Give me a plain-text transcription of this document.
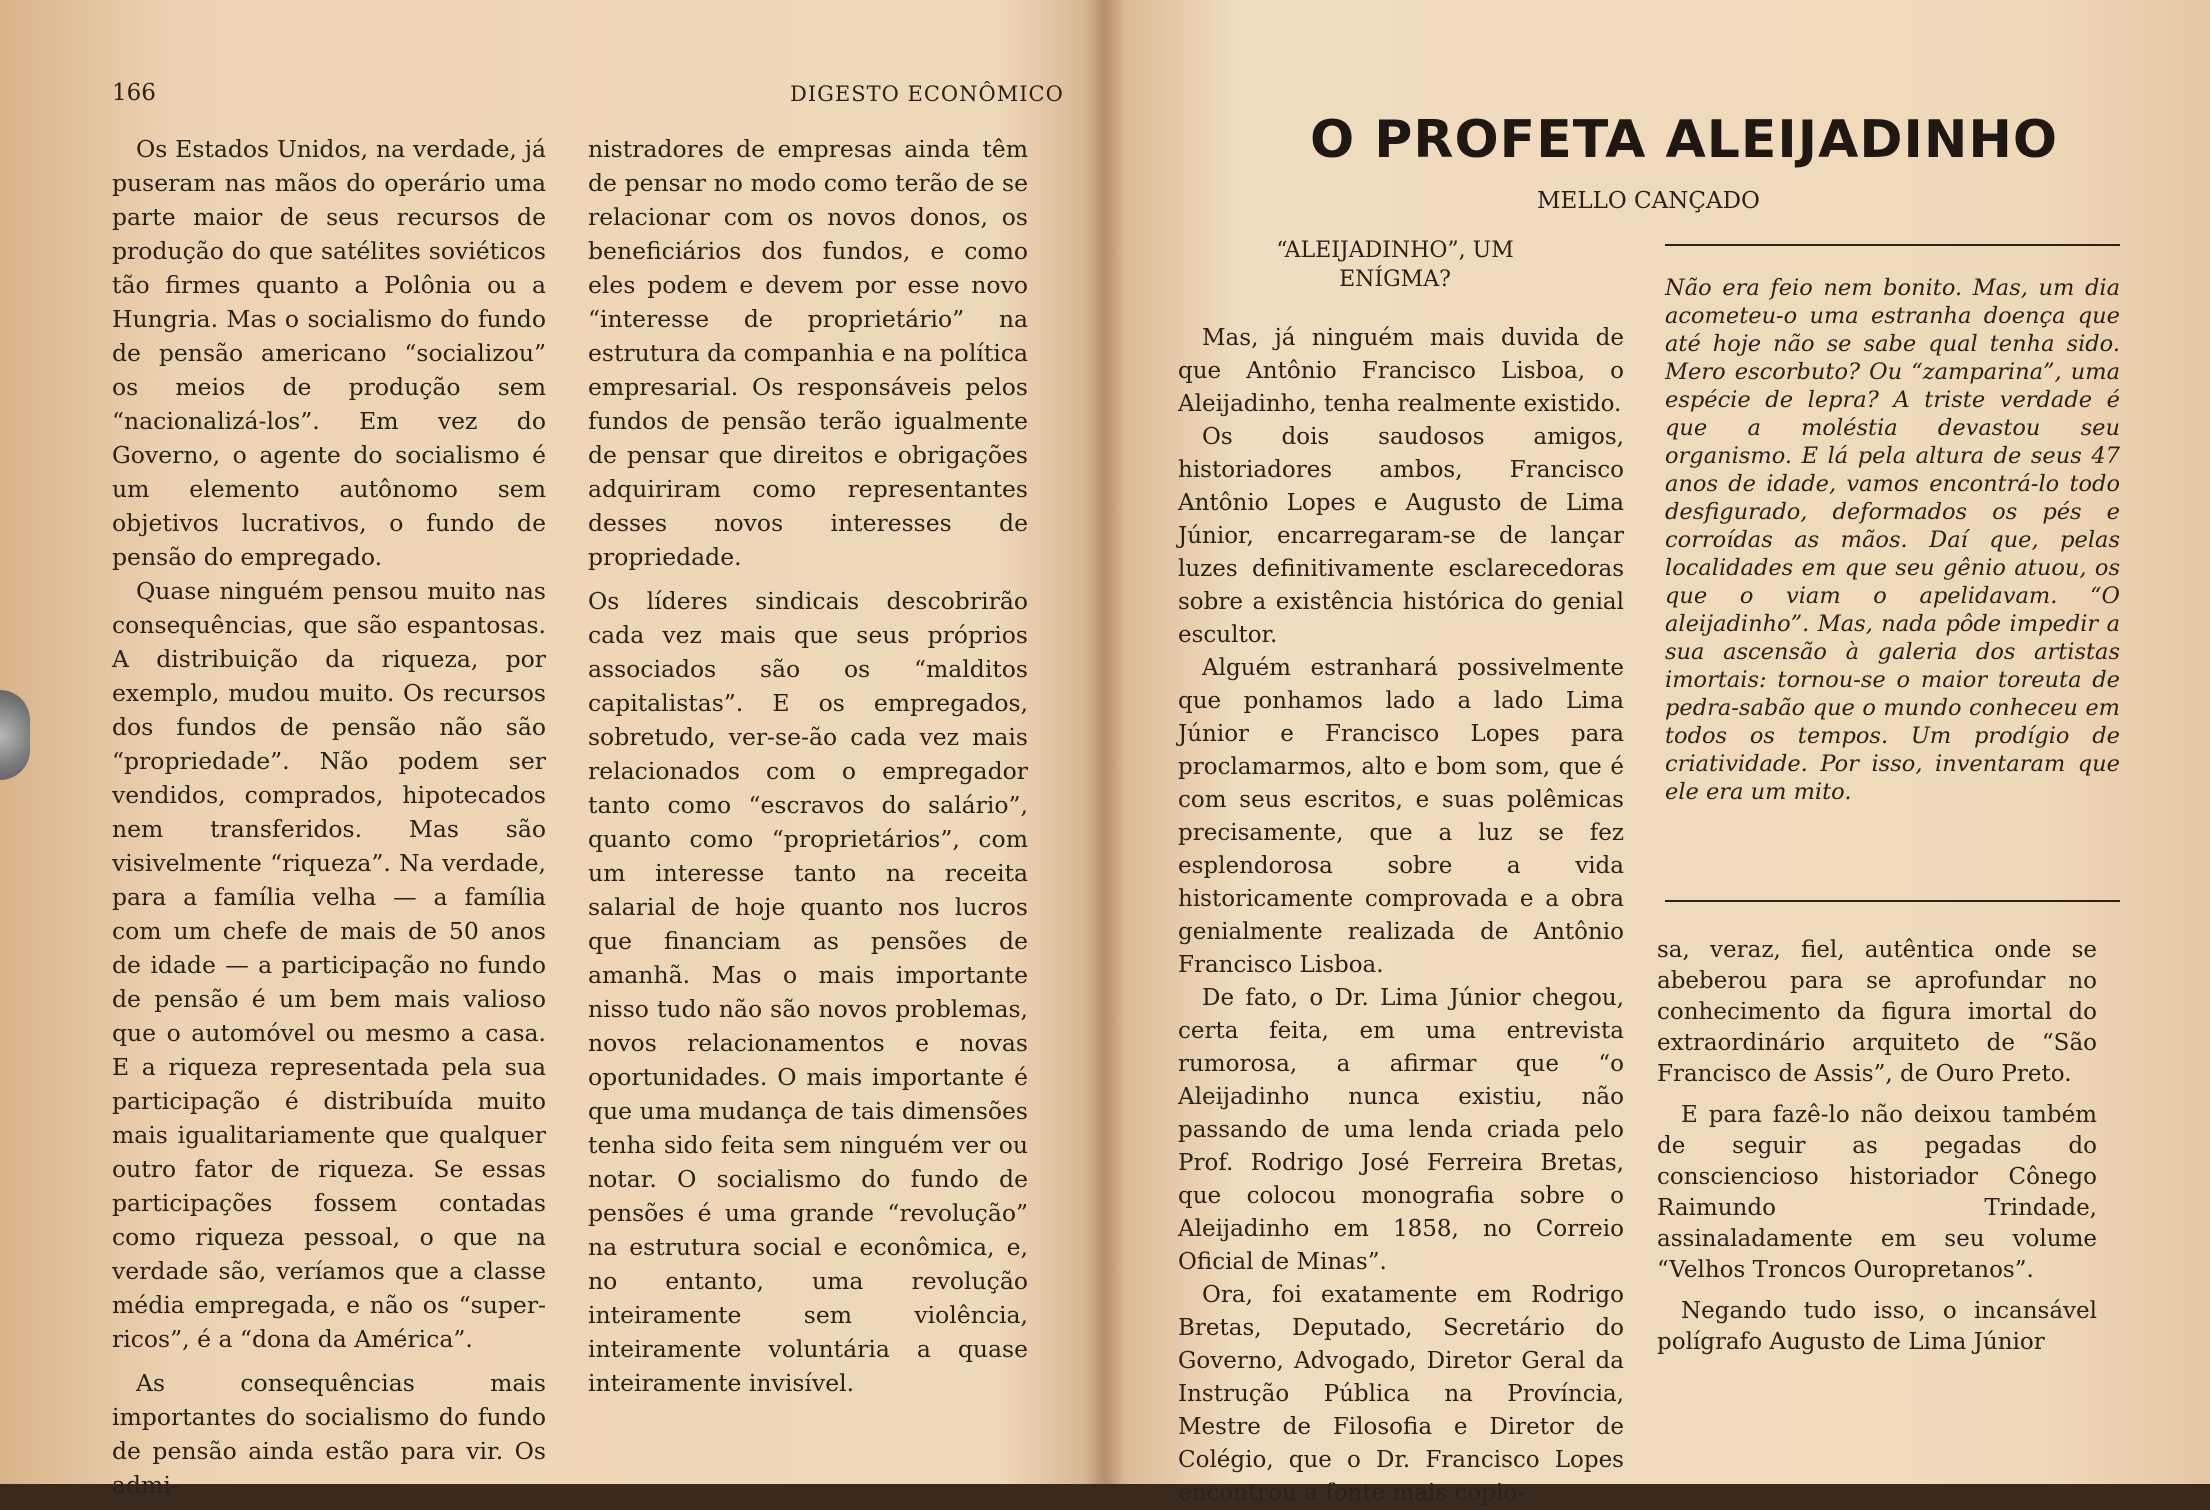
166	DIGESTO ECONÔMICO

Os Estados Unidos, na verdade, já puseram nas mãos do operário uma parte maior de seus recursos de produção do que satélites soviéticos tão firmes quanto a Polônia ou a Hungria. Mas o socialismo do fundo de pensão americano “socializou” os meios de produção sem “nacionalizá-los”. Em vez do Governo, o agente do socialismo é um elemento autônomo sem objetivos lucrativos, o fundo de pensão do empregado.

Quase ninguém pensou muito nas consequências, que são espantosas. A distribuição da riqueza, por exemplo, mudou muito. Os recursos dos fundos de pensão não são “propriedade”. Não podem ser vendidos, comprados, hipotecados nem transferidos. Mas são visivelmente “riqueza”. Na verdade, para a família velha — a família com um chefe de mais de 50 anos de idade — a participação no fundo de pensão é um bem mais valioso que o automóvel ou mesmo a casa. E a riqueza representada pela sua participação é distribuída muito mais igualitariamente que qualquer outro fator de riqueza. Se essas participações fossem contadas como riqueza pessoal, o que na verdade são, veríamos que a classe média empregada, e não os “super-ricos”, é a “dona da América”.

As consequências mais importantes do socialismo do fundo de pensão ainda estão para vir. Os admi-

nistradores de empresas ainda têm de pensar no modo como terão de se relacionar com os novos donos, os beneficiários dos fundos, e como eles podem e devem por esse novo “interesse de proprietário” na estrutura da companhia e na política empresarial. Os responsáveis pelos fundos de pensão terão igualmente de pensar que direitos e obrigações adquiriram como representantes desses novos interesses de propriedade.

Os líderes sindicais descobrirão cada vez mais que seus próprios associados são os “malditos capitalistas”. E os empregados, sobretudo, ver-se-ão cada vez mais relacionados com o empregador tanto como “escravos do salário”, quanto como “proprietários”, com um interesse tanto na receita salarial de hoje quanto nos lucros que financiam as pensões de amanhã. Mas o mais importante nisso tudo não são novos problemas, novos relacionamentos e novas oportunidades. O mais importante é que uma mudança de tais dimensões tenha sido feita sem ninguém ver ou notar. O socialismo do fundo de pensões é uma grande “revolução” na estrutura social e econômica, e, no entanto, uma revolução inteiramente sem violência, inteiramente voluntária a quase inteiramente invisível.

O PROFETA ALEIJADINHO
MELLO CANÇADO
“ALEIJADINHO”, UM ENÍGMA?

Mas, já ninguém mais duvida de que Antônio Francisco Lisboa, o Aleijadinho, tenha realmente existido.

Os dois saudosos amigos, historiadores ambos, Francisco Antônio Lopes e Augusto de Lima Júnior, encarregaram-se de lançar luzes definitivamente esclarecedoras sobre a existência histórica do genial escultor.

Alguém estranhará possivelmente que ponhamos lado a lado Lima Júnior e Francisco Lopes para proclamarmos, alto e bom som, que é com seus escritos, e suas polêmicas precisamente, que a luz se fez esplendorosa sobre a vida historicamente comprovada e a obra genialmente realizada de Antônio Francisco Lisboa.

De fato, o Dr. Lima Júnior chegou, certa feita, em uma entrevista rumorosa, a afirmar que “o Aleijadinho nunca existiu, não passando de uma lenda criada pelo Prof. Rodrigo José Ferreira Bretas, que colocou monografia sobre o Aleijadinho em 1858, no Correio Oficial de Minas”.

Ora, foi exatamente em Rodrigo Bretas, Deputado, Secretário do Governo, Advogado, Diretor Geral da Instrução Pública na Província, Mestre de Filosofia e Diretor de Colégio, que o Dr. Francisco Lopes encontrou a fonte mais copio-

Não era feio nem bonito. Mas, um dia acometeu-o uma estranha doença que até hoje não se sabe qual tenha sido. Mero escorbuto? Ou “zamparina”, uma espécie de lepra? A triste verdade é que a moléstia devastou seu organismo. E lá pela altura de seus 47 anos de idade, vamos encontrá-lo todo desfigurado, deformados os pés e corroídas as mãos. Daí que, pelas localidades em que seu gênio atuou, os que o viam o apelidavam. “O aleijadinho”. Mas, nada pôde impedir a sua ascensão à galeria dos artistas imortais: tornou-se o maior toreuta de pedra-sabão que o mundo conheceu em todos os tempos. Um prodígio de criatividade. Por isso, inventaram que ele era um mito.

sa, veraz, fiel, autêntica onde se abeberou para se aprofundar no conhecimento da figura imortal do extraordinário arquiteto de “São Francisco de Assis”, de Ouro Preto.

E para fazê-lo não deixou também de seguir as pegadas do consciencioso historiador Cônego Raimundo Trindade, assinaladamente em seu volume “Velhos Troncos Ouropretanos”.

Negando tudo isso, o incansável polígrafo Augusto de Lima Júnior
